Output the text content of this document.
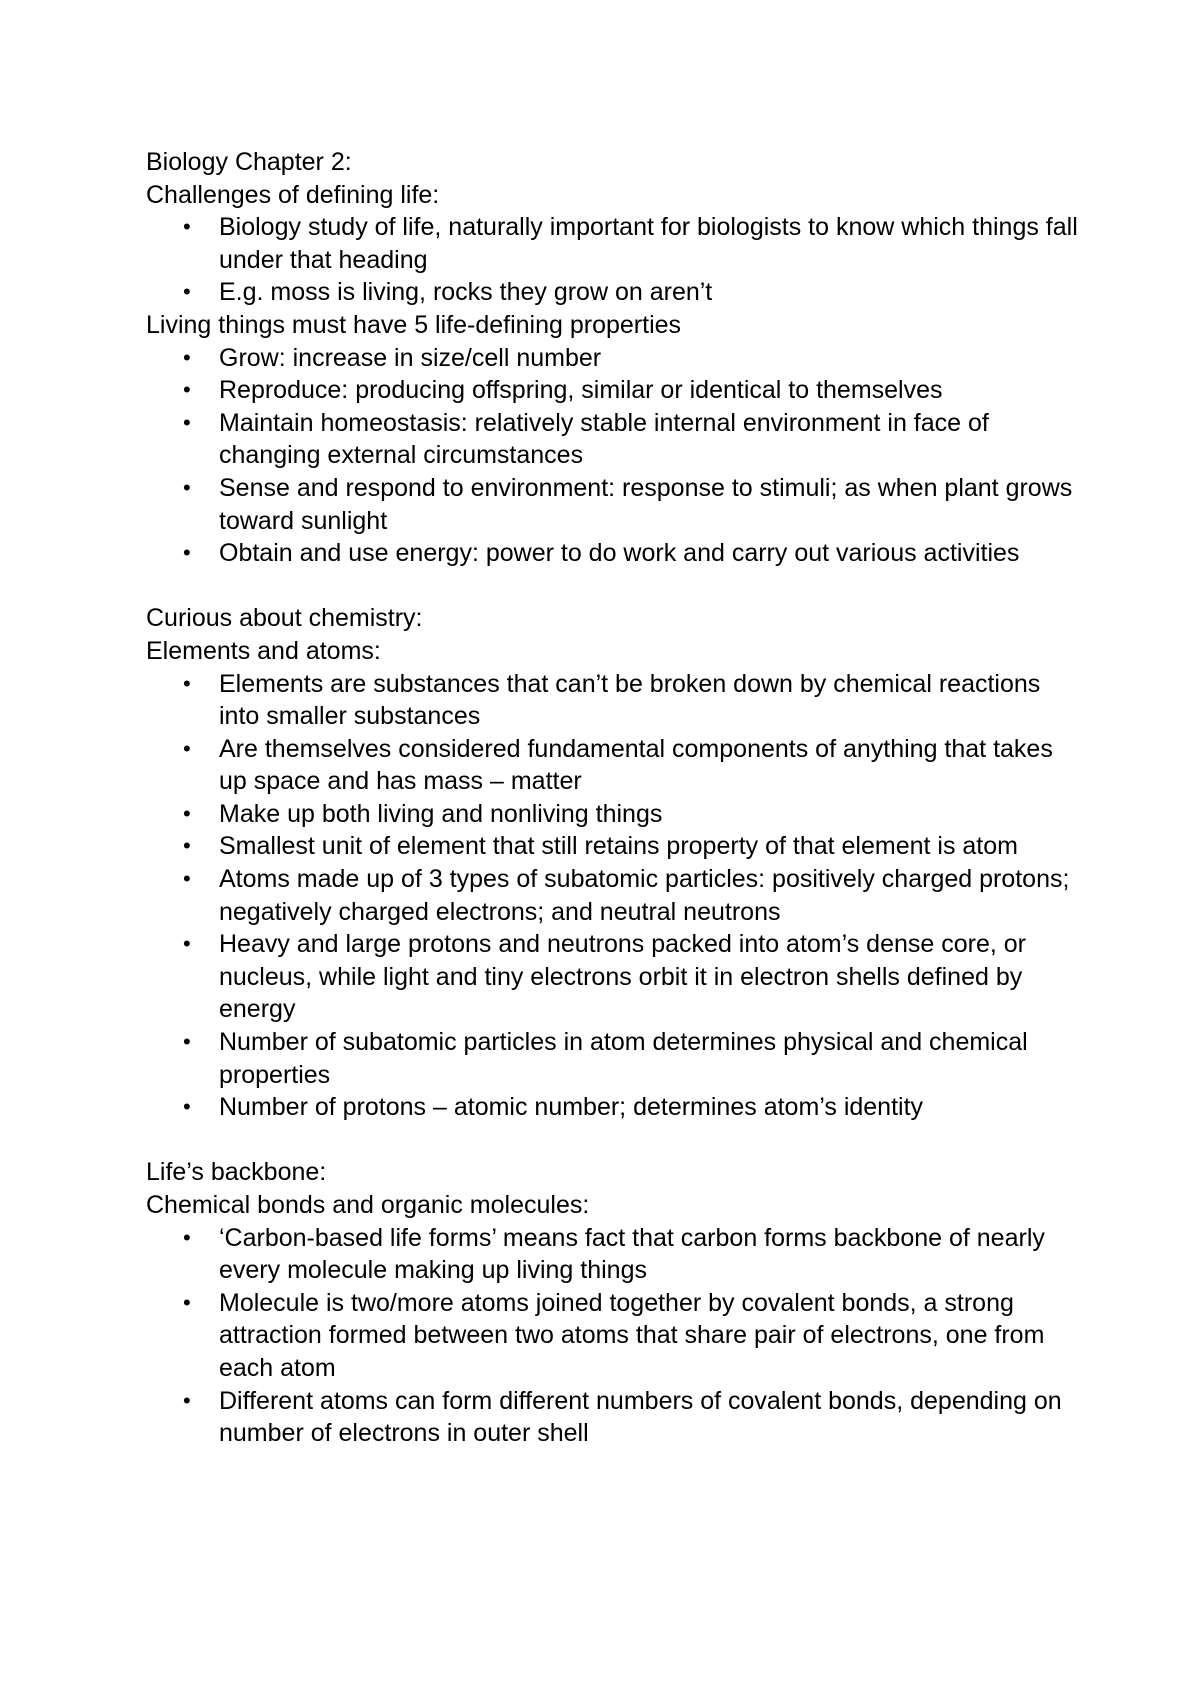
Biology Chapter 2:

Challenges of defining life:

• Biology study of life, naturally important for biologists to know which things fall under that heading
• E.g. moss is living, rocks they grow on aren’t

Living things must have 5 life-defining properties

• Grow: increase in size/cell number
• Reproduce: producing offspring, similar or identical to themselves
• Maintain homeostasis: relatively stable internal environment in face of changing external circumstances
• Sense and respond to environment: response to stimuli; as when plant grows toward sunlight
• Obtain and use energy: power to do work and carry out various activities

Curious about chemistry:

Elements and atoms:

• Elements are substances that can’t be broken down by chemical reactions into smaller substances
• Are themselves considered fundamental components of anything that takes up space and has mass – matter
• Make up both living and nonliving things
• Smallest unit of element that still retains property of that element is atom
• Atoms made up of 3 types of subatomic particles: positively charged protons; negatively charged electrons; and neutral neutrons
• Heavy and large protons and neutrons packed into atom’s dense core, or nucleus, while light and tiny electrons orbit it in electron shells defined by energy
• Number of subatomic particles in atom determines physical and chemical properties
• Number of protons – atomic number; determines atom’s identity

Life’s backbone:

Chemical bonds and organic molecules:

• ‘Carbon-based life forms’ means fact that carbon forms backbone of nearly every molecule making up living things
• Molecule is two/more atoms joined together by covalent bonds, a strong attraction formed between two atoms that share pair of electrons, one from each atom
• Different atoms can form different numbers of covalent bonds, depending on number of electrons in outer shell
